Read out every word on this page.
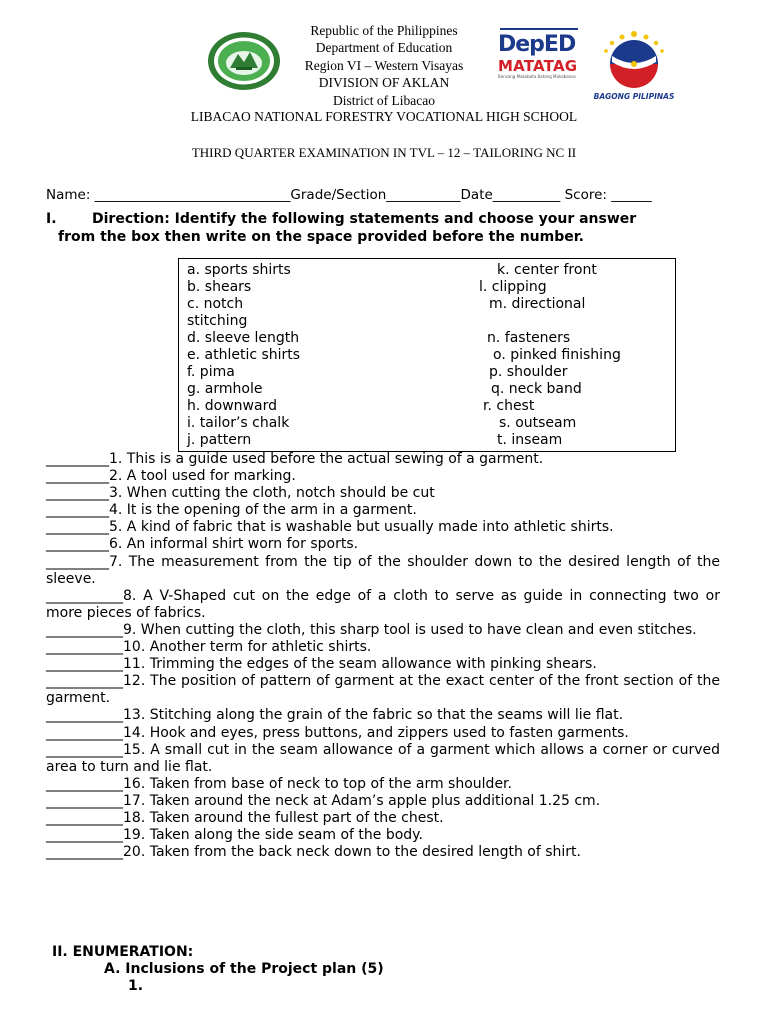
DepED
MATATAG
Bansang Makabata Batang Makabansa
BAGONG PILIPINAS
Republic of the Philippines
Department of Education
Region VI – Western Visayas
DIVISION OF AKLAN
District of Libacao
LIBACAO NATIONAL FORESTRY VOCATIONAL HIGH SCHOOL
THIRD QUARTER EXAMINATION IN TVL – 12 – TAILORING NC II
Name: _____________________________Grade/Section___________Date__________ Score: ______
I.	Direction: Identify the following statements and choose your answer
from the box then write on the space provided before the number.
a. sports shirts
b. shears
c. notch
stitching
d. sleeve length
e. athletic shirts
f. pima
g. armhole
h. downward
i. tailor’s chalk
j. pattern
k. center front
l. clipping
m. directional
n. fasteners
o. pinked finishing
p. shoulder
q. neck band
r. chest
s. outseam
t. inseam
_________1. This is a guide used before the actual sewing of a garment.
_________2. A tool used for marking.
_________3. When cutting the cloth, notch should be cut
_________4. It is the opening of the arm in a garment.
_________5. A kind of fabric that is washable but usually made into athletic shirts.
_________6. An informal shirt worn for sports.
_________7. The measurement from the tip of the shoulder down to the desired length of the sleeve.
___________8. A V-Shaped cut on the edge of a cloth to serve as guide in connecting two or more pieces of fabrics.
___________9. When cutting the cloth, this sharp tool is used to have clean and even stitches.
___________10. Another term for athletic shirts.
___________11. Trimming the edges of the seam allowance with pinking shears.
___________12. The position of pattern of garment at the exact center of the front section of the garment.
___________13. Stitching along the grain of the fabric so that the seams will lie flat.
___________14. Hook and eyes, press buttons, and zippers used to fasten garments.
___________15. A small cut in the seam allowance of a garment which allows a corner or curved area to turn and lie flat.
___________16. Taken from base of neck to top of the arm shoulder.
___________17. Taken around the neck at Adam’s apple plus additional 1.25 cm.
___________18. Taken around the fullest part of the chest.
___________19. Taken along the side seam of the body.
___________20. Taken from the back neck down to the desired length of shirt.
II. ENUMERATION:
A. Inclusions of the Project plan (5)
1.
